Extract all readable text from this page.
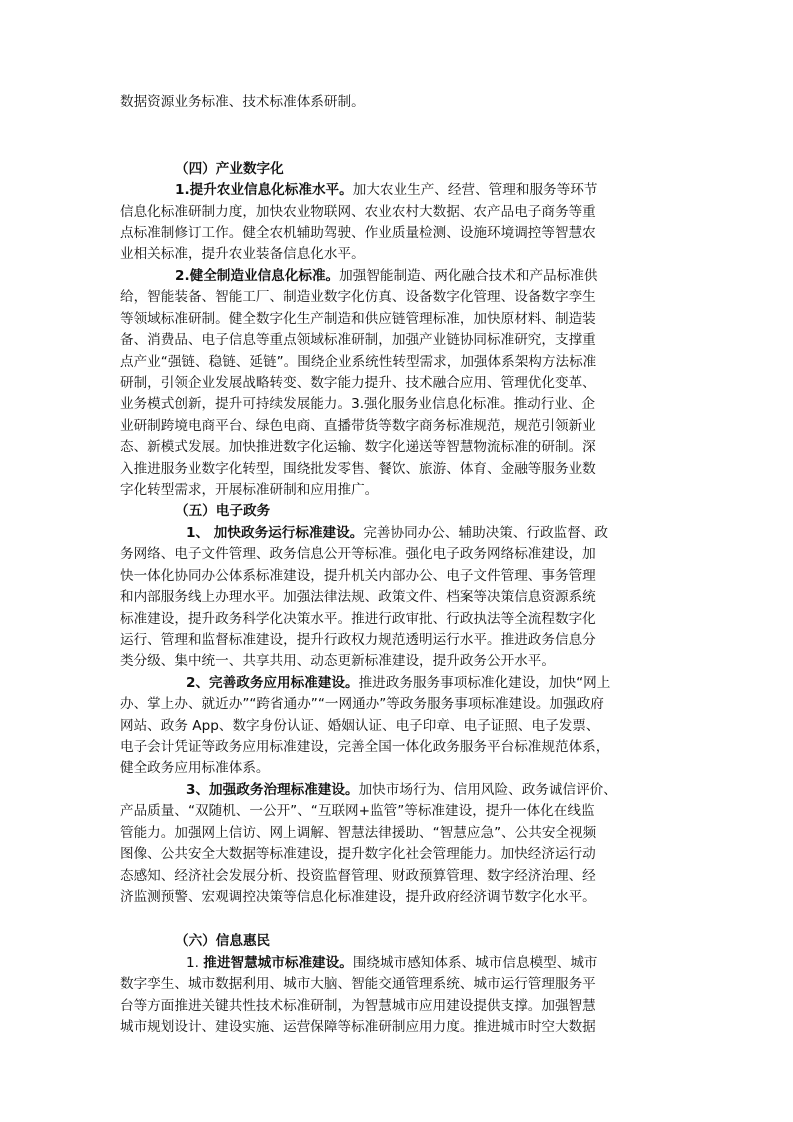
数据资源业务标准、技术标准体系研制。
（四）产业数字化
1.提升农业信息化标准水平。加大农业生产、经营、管理和服务等环节
信息化标准研制力度，加快农业物联网、农业农村大数据、农产品电子商务等重
点标准制修订工作。健全农机辅助驾驶、作业质量检测、设施环境调控等智慧农
业相关标准，提升农业装备信息化水平。
2.健全制造业信息化标准。加强智能制造、两化融合技术和产品标准供
给，智能装备、智能工厂、制造业数字化仿真、设备数字化管理、设备数字孪生
等领域标准研制。健全数字化生产制造和供应链管理标准，加快原材料、制造装
备、消费品、电子信息等重点领域标准研制，加强产业链协同标准研究，支撑重
点产业“强链、稳链、延链”。围绕企业系统性转型需求，加强体系架构方法标准
研制，引领企业发展战略转变、数字能力提升、技术融合应用、管理优化变革、
业务模式创新，提升可持续发展能力。3.强化服务业信息化标准。推动行业、企
业研制跨境电商平台、绿色电商、直播带货等数字商务标准规范，规范引领新业
态、新模式发展。加快推进数字化运输、数字化递送等智慧物流标准的研制。深
入推进服务业数字化转型，围绕批发零售、餐饮、旅游、体育、金融等服务业数
字化转型需求，开展标准研制和应用推广。
（五）电子政务
1、 加快政务运行标准建设。完善协同办公、辅助决策、行政监督、政
务网络、电子文件管理、政务信息公开等标准。强化电子政务网络标准建设，加
快一体化协同办公体系标准建设，提升机关内部办公、电子文件管理、事务管理
和内部服务线上办理水平。加强法律法规、政策文件、档案等决策信息资源系统
标准建设，提升政务科学化决策水平。推进行政审批、行政执法等全流程数字化
运行、管理和监督标准建设，提升行政权力规范透明运行水平。推进政务信息分
类分级、集中统一、共享共用、动态更新标准建设，提升政务公开水平。
2、完善政务应用标准建设。推进政务服务事项标准化建设，加快“网上
办、掌上办、就近办”“跨省通办”“一网通办”等政务服务事项标准建设。加强政府
网站、政务 App、数字身份认证、婚姻认证、电子印章、电子证照、电子发票、
电子会计凭证等政务应用标准建设，完善全国一体化政务服务平台标准规范体系，
健全政务应用标准体系。
3、加强政务治理标准建设。加快市场行为、信用风险、政务诚信评价、
产品质量、“双随机、一公开”、“互联网+监管”等标准建设，提升一体化在线监
管能力。加强网上信访、网上调解、智慧法律援助、“智慧应急”、公共安全视频
图像、公共安全大数据等标准建设，提升数字化社会管理能力。加快经济运行动
态感知、经济社会发展分析、投资监督管理、财政预算管理、数字经济治理、经
济监测预警、宏观调控决策等信息化标准建设，提升政府经济调节数字化水平。
（六）信息惠民
1. 推进智慧城市标准建设。围绕城市感知体系、城市信息模型、城市
数字孪生、城市数据利用、城市大脑、智能交通管理系统、城市运行管理服务平
台等方面推进关键共性技术标准研制，为智慧城市应用建设提供支撑。加强智慧
城市规划设计、建设实施、运营保障等标准研制应用力度。推进城市时空大数据
